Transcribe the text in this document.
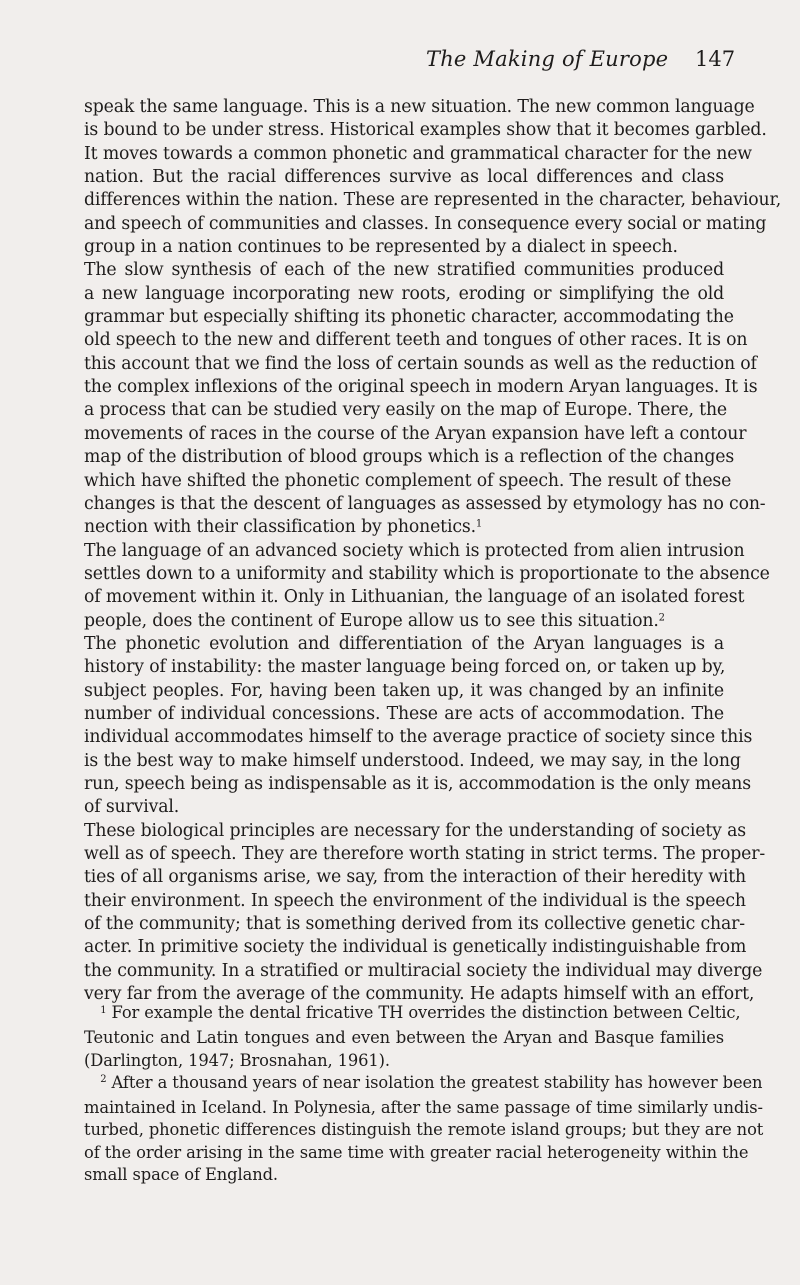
The Making of Europe 147
speak the same language. This is a new situation. The new common language
is bound to be under stress. Historical examples show that it becomes garbled.
It moves towards a common phonetic and grammatical character for the new
nation. But the racial differences survive as local differences and class
differences within the nation. These are represented in the character, behaviour,
and speech of communities and classes. In consequence every social or mating
group in a nation continues to be represented by a dialect in speech.
The slow synthesis of each of the new stratified communities produced
a new language incorporating new roots, eroding or simplifying the old
grammar but especially shifting its phonetic character, accommodating the
old speech to the new and different teeth and tongues of other races. It is on
this account that we find the loss of certain sounds as well as the reduction of
the complex inflexions of the original speech in modern Aryan languages. It is
a process that can be studied very easily on the map of Europe. There, the
movements of races in the course of the Aryan expansion have left a contour
map of the distribution of blood groups which is a reflection of the changes
which have shifted the phonetic complement of speech. The result of these
changes is that the descent of languages as assessed by etymology has no con-
nection with their classification by phonetics.$^1$
The language of an advanced society which is protected from alien intrusion
settles down to a uniformity and stability which is proportionate to the absence
of movement within it. Only in Lithuanian, the language of an isolated forest
people, does the continent of Europe allow us to see this situation.$^2$
The phonetic evolution and differentiation of the Aryan languages is a
history of instability: the master language being forced on, or taken up by,
subject peoples. For, having been taken up, it was changed by an infinite
number of individual concessions. These are acts of accommodation. The
individual accommodates himself to the average practice of society since this
is the best way to make himself understood. Indeed, we may say, in the long
run, speech being as indispensable as it is, accommodation is the only means
of survival.
These biological principles are necessary for the understanding of society as
well as of speech. They are therefore worth stating in strict terms. The proper-
ties of all organisms arise, we say, from the interaction of their heredity with
their environment. In speech the environment of the individual is the speech
of the community; that is something derived from its collective genetic char-
acter. In primitive society the individual is genetically indistinguishable from
the community. In a stratified or multiracial society the individual may diverge
very far from the average of the community. He adapts himself with an effort,
 $^1$ For example the dental fricative TH overrides the distinction between Celtic,
Teutonic and Latin tongues and even between the Aryan and Basque families
(Darlington, 1947; Brosnahan, 1961).
 $^2$ After a thousand years of near isolation the greatest stability has however been
maintained in Iceland. In Polynesia, after the same passage of time similarly undis-
turbed, phonetic differences distinguish the remote island groups; but they are not
of the order arising in the same time with greater racial heterogeneity within the
small space of England.
